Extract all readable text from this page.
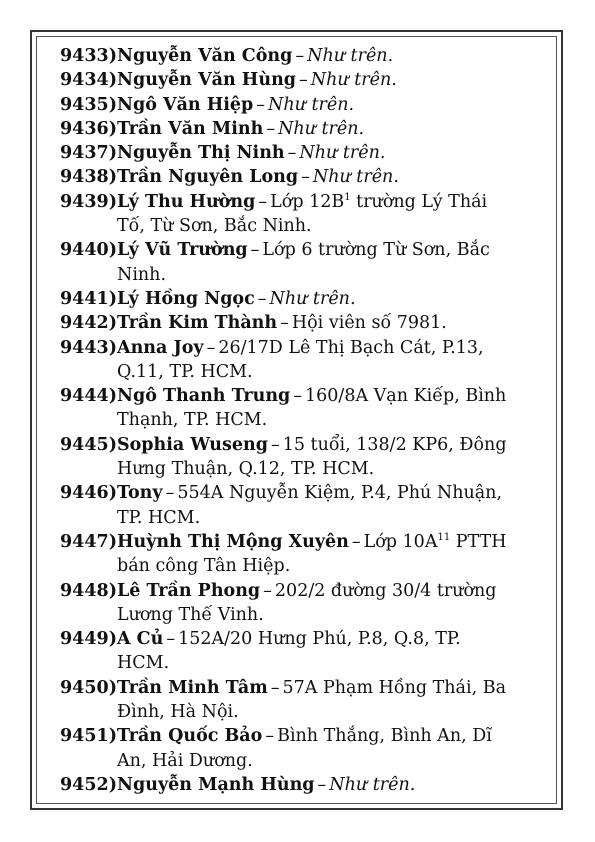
9433)Nguyễn Văn Công – Như trên.

9434)Nguyễn Văn Hùng – Như trên.

9435)Ngô Văn Hiệp – Như trên.

9436)Trần Văn Minh – Như trên.

9437)Nguyễn Thị Ninh – Như trên.

9438)Trần Nguyên Long – Như trên.

9439)Lý Thu Hường – Lớp $12B^1$ trường Lý Thái
Tố, Từ Sơn, Bắc Ninh.

9440)Lý Vũ Trường – Lớp 6 trường Từ Sơn, Bắc
Ninh.

9441)Lý Hồng Ngọc – Như trên.

9442)Trần Kim Thành – Hội viên số 7981.

9443)Anna Joy – 26/17D Lê Thị Bạch Cát, P.13,
Q.11, TP. HCM.

9444)Ngô Thanh Trung – 160/8A Vạn Kiếp, Bình
Thạnh, TP. HCM.

9445)Sophia Wuseng – 15 tuổi, 138/2 KP6, Đông
Hưng Thuận, Q.12, TP. HCM.

9446)Tony – 554A Nguyễn Kiệm, P.4, Phú Nhuận,
TP. HCM.

9447)Huỳnh Thị Mộng Xuyên – Lớp $10A^{11}$ PTTH
bán công Tân Hiệp.

9448)Lê Trần Phong – 202/2 đường 30/4 trường
Lương Thế Vinh.

9449)A Củ – 152A/20 Hưng Phú, P.8, Q.8, TP.
HCM.

9450)Trần Minh Tâm – 57A Phạm Hồng Thái, Ba
Đình, Hà Nội.

9451)Trần Quốc Bảo – Bình Thắng, Bình An, Dĩ
An, Hải Dương.

9452)Nguyễn Mạnh Hùng – Như trên.
